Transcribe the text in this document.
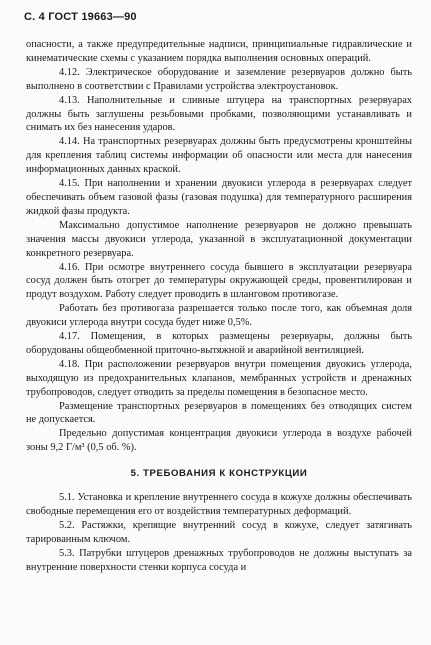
С. 4 ГОСТ 19663—90

опасности, а также предупредительные надписи, принципиальные гидравлические и кинематические схемы с указанием порядка выполнения основных операций.

4.12. Электрическое оборудование и заземление резервуаров должно быть выполнено в соответствии с Правилами устройства электроустановок.

4.13. Наполнительные и сливные штуцера на транспортных резервуарах должны быть заглушены резьбовыми пробками, позволяющими устанавливать и снимать их без нанесения ударов.

4.14. На транспортных резервуарах должны быть предусмотрены кронштейны для крепления таблиц системы информации об опасности или места для нанесения информационных данных краской.

4.15. При наполнении и хранении двуокиси углерода в резервуарах следует обеспечивать объем газовой фазы (газовая подушка) для температурного расширения жидкой фазы продукта.

Максимально допустимое наполнение резервуаров не должно превышать значения массы двуокиси углерода, указанной в эксплуатационной документации конкретного резервуара.

4.16. При осмотре внутреннего сосуда бывшего в эксплуатации резервуара сосуд должен быть отогрет до температуры окружающей среды, провентилирован и продут воздухом. Работу следует проводить в шланговом противогазе.

Работать без противогаза разрешается только после того, как объемная доля двуокиси углерода внутри сосуда будет ниже 0,5%.

4.17. Помещения, в которых размещены резервуары, должны быть оборудованы общеобменной приточно-вытяжной и аварийной вентиляцией.

4.18. При расположении резервуаров внутри помещения двуокись углерода, выходящую из предохранительных клапанов, мембранных устройств и дренажных трубопроводов, следует отводить за пределы помещения в безопасное место.

Размещение транспортных резервуаров в помещениях без отводящих систем не допускается.

Предельно допустимая концентрация двуокиси углерода в воздухе рабочей зоны 9,2 Г/м³ (0,5 об. %).

5. ТРЕБОВАНИЯ К КОНСТРУКЦИИ

5.1. Установка и крепление внутреннего сосуда в кожухе должны обеспечивать свободные перемещения его от воздействия температурных деформаций.

5.2. Растяжки, крепящие внутренний сосуд в кожухе, следует затягивать тарированным ключом.

5.3. Патрубки штуцеров дренажных трубопроводов не должны выступать за внутренние поверхности стенки корпуса сосуда и
